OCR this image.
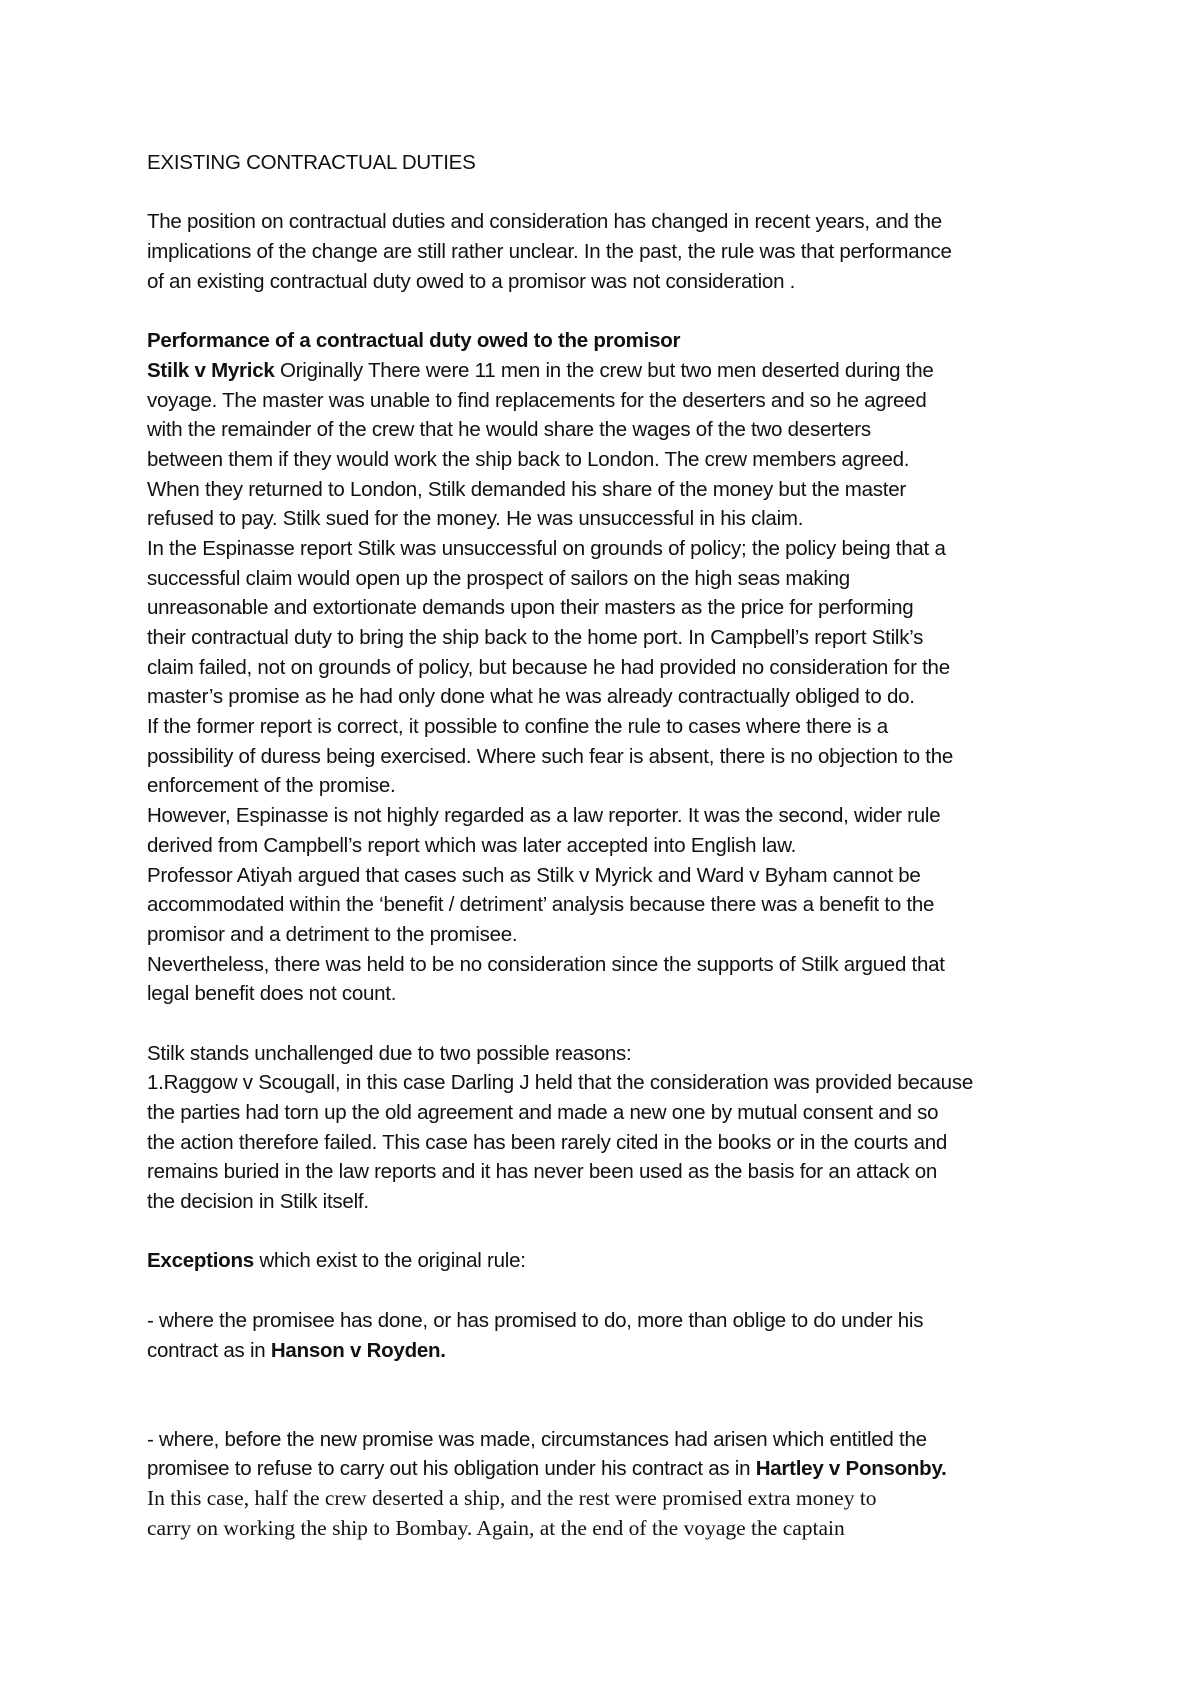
EXISTING CONTRACTUAL DUTIES
The position on contractual duties and consideration has changed in recent years, and the
implications of the change are still rather unclear. In the past, the rule was that performance
of an existing contractual duty owed to a promisor was not consideration .
Performance of a contractual duty owed to the promisor
Stilk v Myrick Originally There were 11 men in the crew but two men deserted during the
voyage. The master was unable to find replacements for the deserters and so he agreed
with the remainder of the crew that he would share the wages of the two deserters
between them if they would work the ship back to London. The crew members agreed.
When they returned to London, Stilk demanded his share of the money but the master
refused to pay. Stilk sued for the money. He was unsuccessful in his claim.
In the Espinasse report Stilk was unsuccessful on grounds of policy; the policy being that a
successful claim would open up the prospect of sailors on the high seas making
unreasonable and extortionate demands upon their masters as the price for performing
their contractual duty to bring the ship back to the home port. In Campbell’s report Stilk’s
claim failed, not on grounds of policy, but because he had provided no consideration for the
master’s promise as he had only done what he was already contractually obliged to do.
If the former report is correct, it possible to confine the rule to cases where there is a
possibility of duress being exercised. Where such fear is absent, there is no objection to the
enforcement of the promise.
However, Espinasse is not highly regarded as a law reporter. It was the second, wider rule
derived from Campbell’s report which was later accepted into English law.
Professor Atiyah argued that cases such as Stilk v Myrick and Ward v Byham cannot be
accommodated within the ‘benefit / detriment’ analysis because there was a benefit to the
promisor and a detriment to the promisee.
Nevertheless, there was held to be no consideration since the supports of Stilk argued that
legal benefit does not count.
Stilk stands unchallenged due to two possible reasons:
1.Raggow v Scougall, in this case Darling J held that the consideration was provided because
the parties had torn up the old agreement and made a new one by mutual consent and so
the action therefore failed. This case has been rarely cited in the books or in the courts and
remains buried in the law reports and it has never been used as the basis for an attack on
the decision in Stilk itself.
Exceptions which exist to the original rule:
- where the promisee has done, or has promised to do, more than oblige to do under his
contract as in Hanson v Royden.
- where, before the new promise was made, circumstances had arisen which entitled the
promisee to refuse to carry out his obligation under his contract as in Hartley v Ponsonby.
In this case, half the crew deserted a ship, and the rest were promised extra money to
carry on working the ship to Bombay. Again, at the end of the voyage the captain
